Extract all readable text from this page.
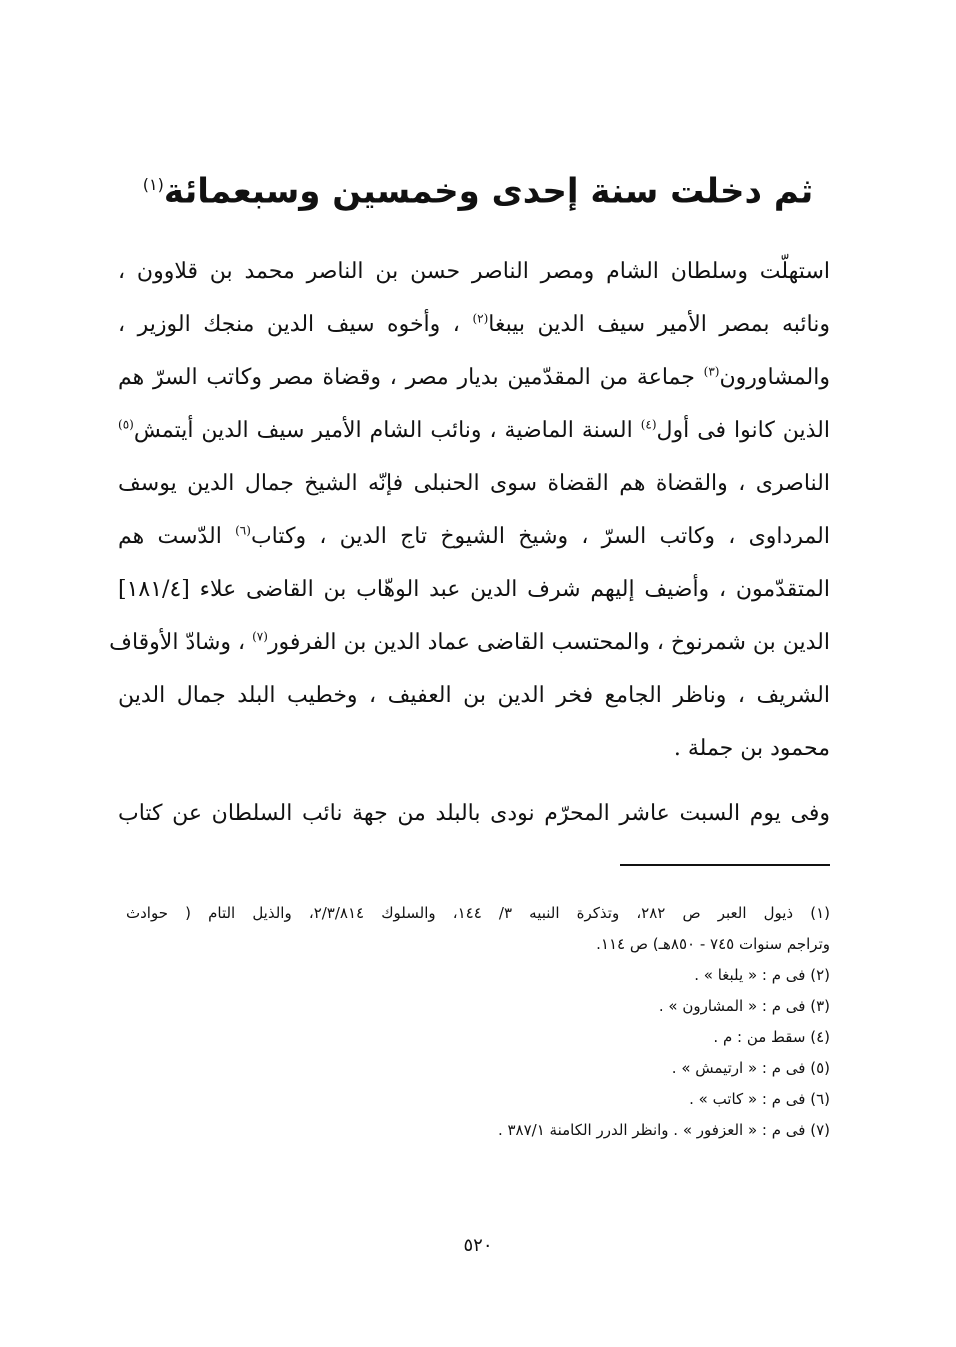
ثم دخلت سنة إحدى وخمسين وسبعمائة$^{(١)}$
استهلّت وسلطان الشام ومصر الناصر حسن بن الناصر محمد بن قلاوون ،
ونائبه بمصر الأمير سيف الدين بيبغا$^{(٢)}$ ، وأخوه سيف الدين منجك الوزير ،
والمشاورون$^{(٣)}$ جماعة من المقدّمين بديار مصر ، وقضاة مصر وكاتب السرّ هم
الذين كانوا فى أول$^{(٤)}$ السنة الماضية ، ونائب الشام الأمير سيف الدين أيتمش$^{(٥)}$
الناصرى ، والقضاة هم القضاة سوى الحنبلى فإنّه الشيخ جمال الدين يوسف
المرداوى ، وكاتب السرّ ، وشيخ الشيوخ تاج الدين ، وكتاب$^{(٦)}$ الدّست هم
المتقدّمون ، وأضيف إليهم شرف الدين عبد الوهّاب بن القاضى علاء [١٨١/٤]
الدين بن شمرنوخ ، والمحتسب القاضى عماد الدين بن الفرفور$^{(٧)}$ ، وشادّ الأوقاف
الشريف ، وناظر الجامع فخر الدين بن العفيف ، وخطيب البلد جمال الدين
محمود بن جملة .
وفى يوم السبت عاشر المحرّم نودى بالبلد من جهة نائب السلطان عن كتاب
(١) ذيول العبر ص ٢٨٢، وتذكرة النبيه ٣/ ١٤٤، والسلوك ٢/٣/٨١٤، والذيل التام ( حوادث
وتراجم سنوات ٧٤٥ - ٨٥٠هـ) ص ١١٤.
(٢) فى م : « يلبغا » .
(٣) فى م : « المشارون » .
(٤) سقط من : م .
(٥) فى م : « ارتيمش » .
(٦) فى م : « كاتب » .
(٧) فى م : « العزفور » . وانظر الدرر الكامنة ٣٨٧/١ .
٥٢٠
